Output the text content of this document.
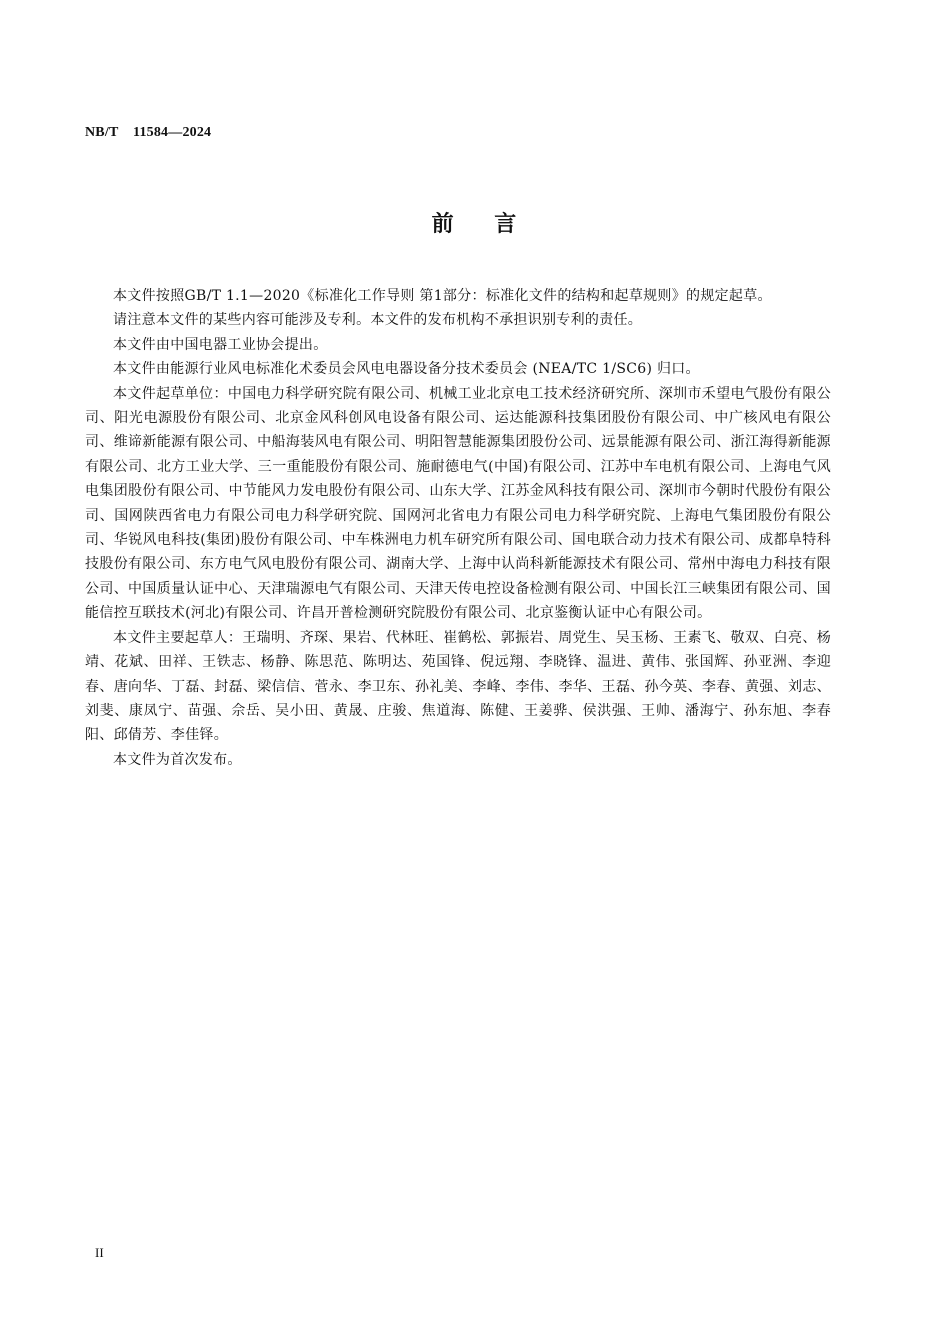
NB/T    11584—2024
前    言

本文件按照GB/T 1.1—2020《标准化工作导则 第1部分：标准化文件的结构和起草规则》的规定起草。

请注意本文件的某些内容可能涉及专利。本文件的发布机构不承担识别专利的责任。

本文件由中国电器工业协会提出。

本文件由能源行业风电标准化术委员会风电电器设备分技术委员会 (NEA/TC 1/SC6) 归口。

本文件起草单位：中国电力科学研究院有限公司、机械工业北京电工技术经济研究所、深圳市禾望电气股份有限公司、阳光电源股份有限公司、北京金风科创风电设备有限公司、运达能源科技集团股份有限公司、中广核风电有限公司、维谛新能源有限公司、中船海装风电有限公司、明阳智慧能源集团股份公司、远景能源有限公司、浙江海得新能源有限公司、北方工业大学、三一重能股份有限公司、施耐德电气(中国)有限公司、江苏中车电机有限公司、上海电气风电集团股份有限公司、中节能风力发电股份有限公司、山东大学、江苏金风科技有限公司、深圳市今朝时代股份有限公司、国网陕西省电力有限公司电力科学研究院、国网河北省电力有限公司电力科学研究院、上海电气集团股份有限公司、华锐风电科技(集团)股份有限公司、中车株洲电力机车研究所有限公司、国电联合动力技术有限公司、成都阜特科技股份有限公司、东方电气风电股份有限公司、湖南大学、上海中认尚科新能源技术有限公司、常州中海电力科技有限公司、中国质量认证中心、天津瑞源电气有限公司、天津天传电控设备检测有限公司、中国长江三峡集团有限公司、国能信控互联技术(河北)有限公司、许昌开普检测研究院股份有限公司、北京鉴衡认证中心有限公司。

本文件主要起草人：王瑞明、齐琛、果岩、代林旺、崔鹤松、郭振岩、周党生、吴玉杨、王素飞、敬双、白亮、杨靖、花斌、田祥、王铁志、杨静、陈思范、陈明达、苑国锋、倪远翔、李晓锋、温进、黄伟、张国辉、孙亚洲、李迎春、唐向华、丁磊、封磊、梁信信、菅永、李卫东、孙礼美、李峰、李伟、李华、王磊、孙今英、李春、黄强、刘志、刘斐、康凤宁、苗强、佘岳、吴小田、黄晟、庄骏、焦道海、陈健、王姜骅、侯洪强、王帅、潘海宁、孙东旭、李春阳、邱倩芳、李佳铎。

本文件为首次发布。

II
